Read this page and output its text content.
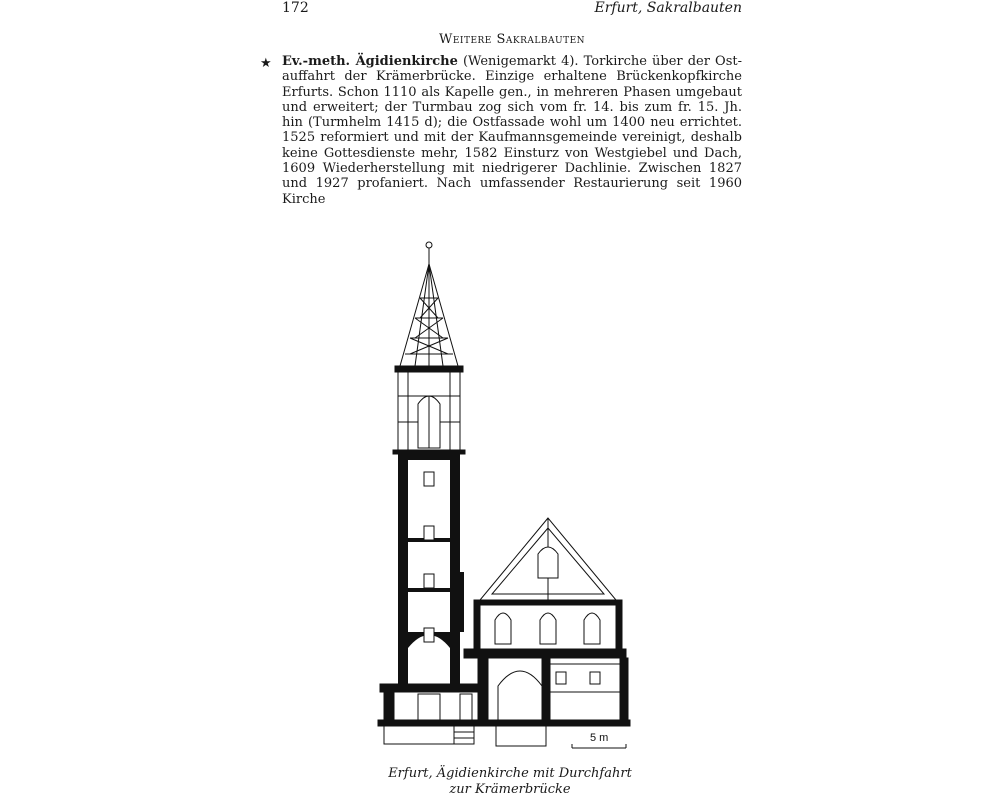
172	Erfurt, Sakralbauten
Weitere Sakralbauten
★ Ev.-meth. Ägidienkirche (Wenigemarkt 4). Torkirche über der Ost- auffahrt der Krämerbrücke. Einzige erhaltene Brückenkopfkirche Erfurts. Schon 1110 als Kapelle gen., in mehreren Phasen umgebaut und erweitert; der Turmbau zog sich vom fr. 14. bis zum fr. 15. Jh. hin (Turmhelm 1415 d); die Ostfassade wohl um 1400 neu errichtet. 1525 reformiert und mit der Kaufmannsgemeinde vereinigt, deshalb keine Gottesdienste mehr, 1582 Einsturz von Westgiebel und Dach, 1609 Wiederherstellung mit niedrigerer Dachlinie. Zwischen 1827 und 1927 profaniert. Nach umfassender Restaurierung seit 1960 Kirche

5 m
Erfurt, Ägidienkirche mit Durchfahrt
zur Krämerbrücke
